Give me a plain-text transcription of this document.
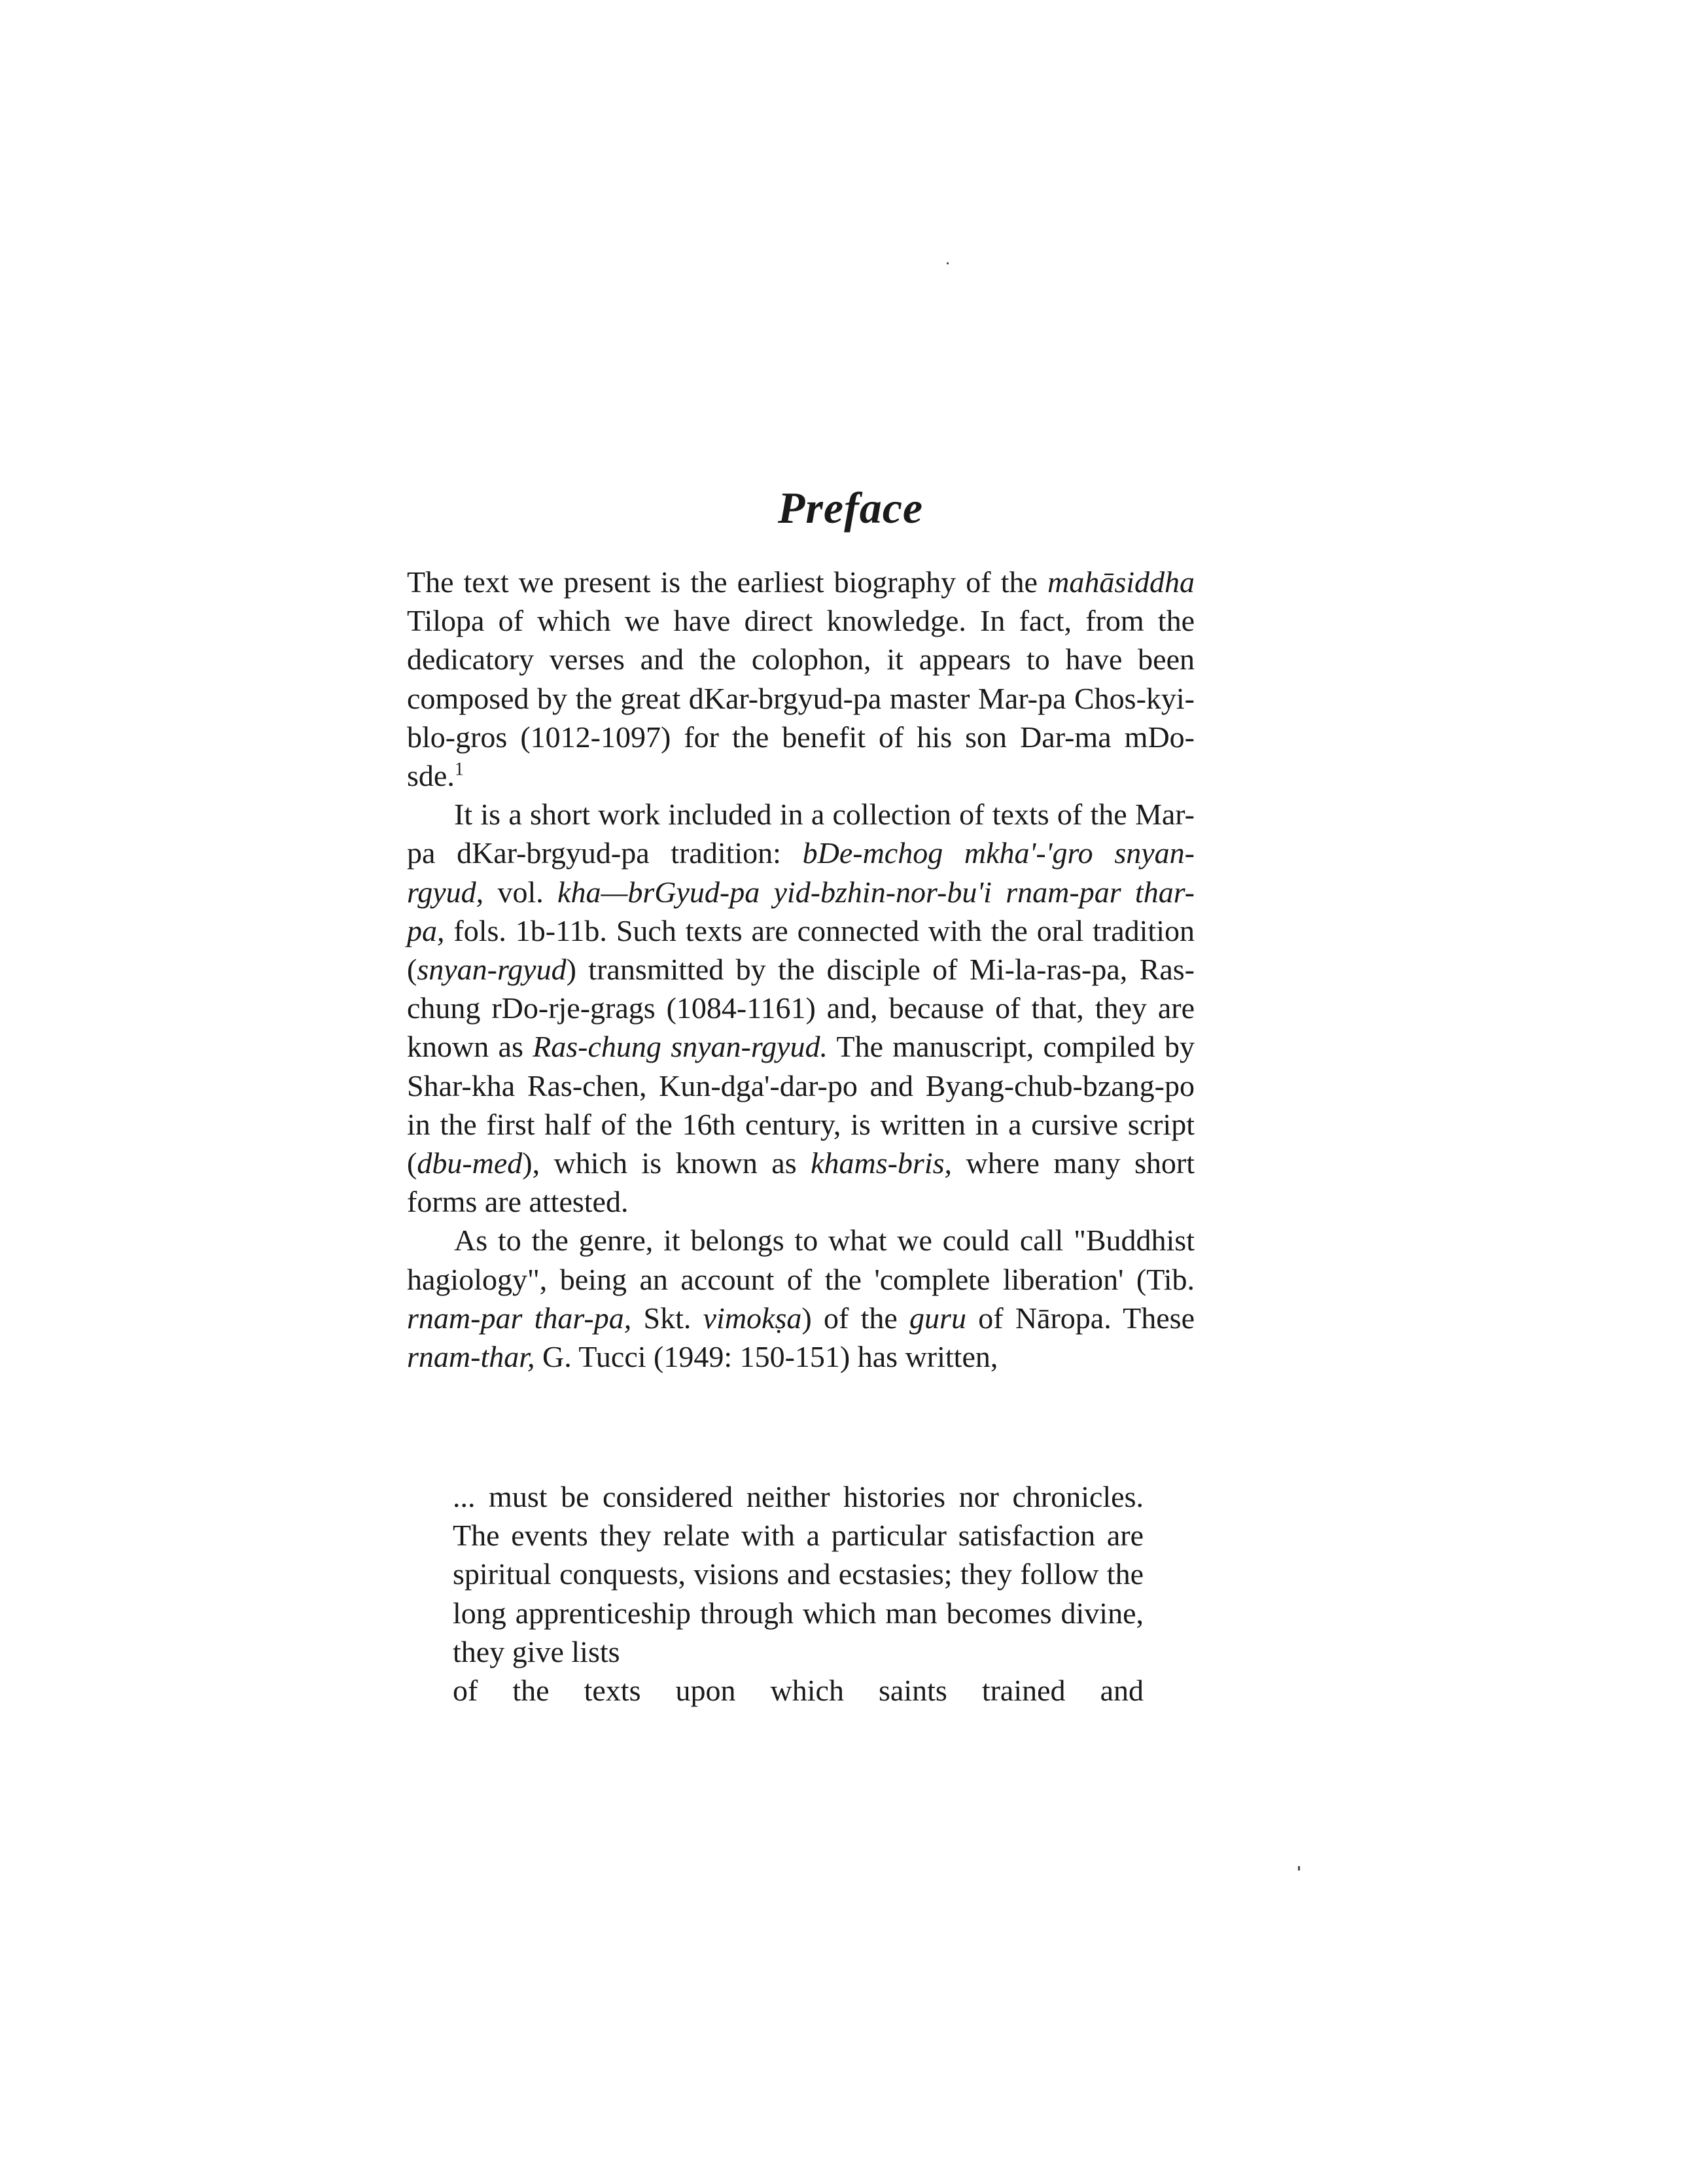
Preface

The text we present is the earliest biography of the mahāsiddha Tilopa of which we have direct knowledge. In fact, from the dedicatory verses and the colophon, it appears to have been composed by the great dKar-brgyud-pa master Mar-pa Chos-kyi-blo-gros (1012-1097) for the benefit of his son Dar-ma mDo-sde.$^1$

It is a short work included in a collection of texts of the Mar-pa dKar-brgyud-pa tradition: bDe-mchog mkha'-'gro snyan-rgyud, vol. kha—brGyud-pa yid-bzhin-nor-bu'i rnam-par thar-pa, fols. 1b-11b. Such texts are connected with the oral tradition (snyan-rgyud) transmitted by the disciple of Mi-la-ras-pa, Ras-chung rDo-rje-grags (1084-1161) and, because of that, they are known as Ras-chung snyan-rgyud. The manuscript, compiled by Shar-kha Ras-chen, Kun-dga'-dar-po and Byang-chub-bzang-po in the first half of the 16th century, is written in a cursive script (dbu-med), which is known as khams-bris, where many short forms are attested.

As to the genre, it belongs to what we could call "Buddhist hagiology", being an account of the 'complete liberation' (Tib. rnam-par thar-pa, Skt. vimokṣa) of the guru of Nāropa. These rnam-thar, G. Tucci (1949: 150-151) has written,

... must be considered neither histories nor chronicles. The events they relate with a particular satisfaction are spiritual conquests, visions and ecstasies; they follow the long apprenticeship through which man becomes divine, they give lists
of the texts upon which saints trained and
